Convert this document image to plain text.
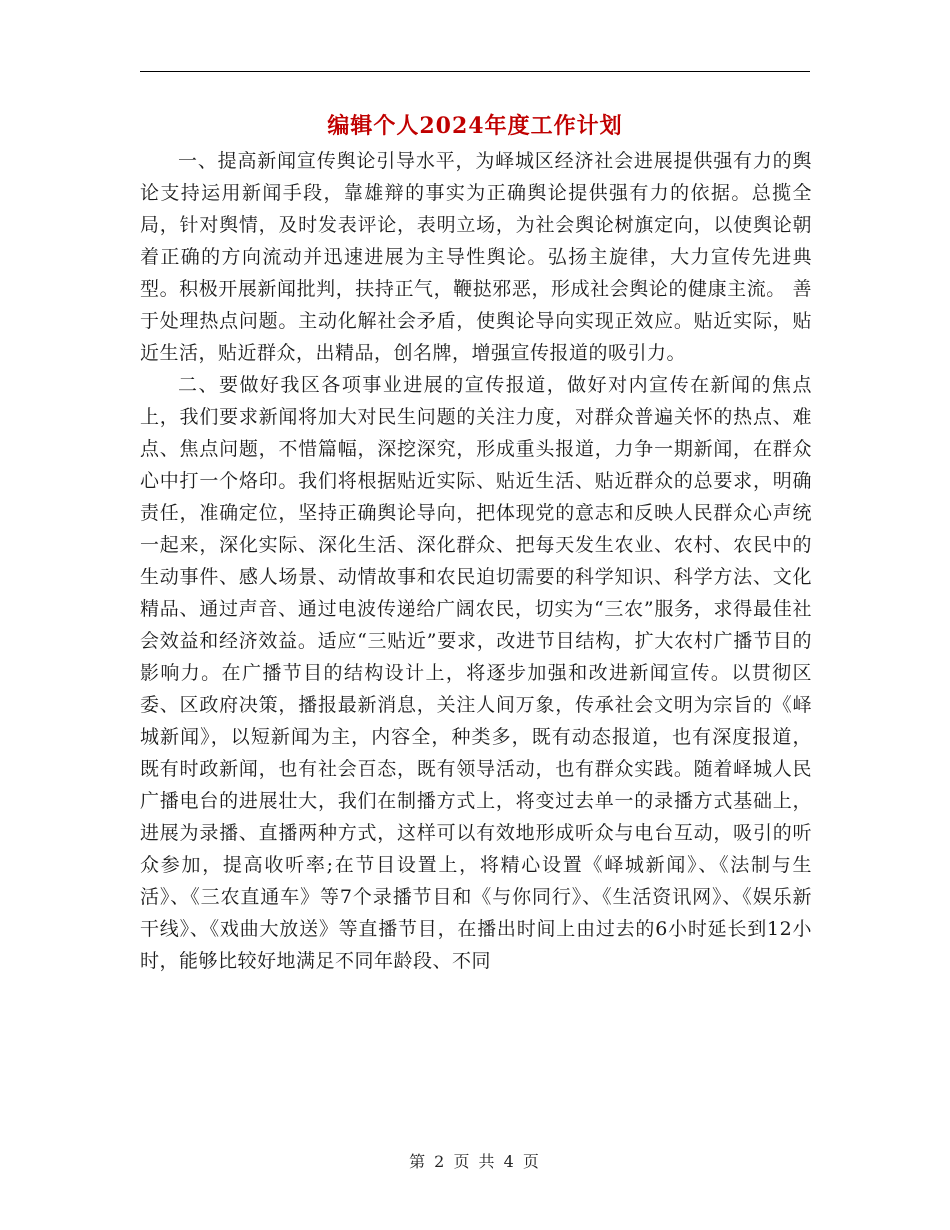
编辑个人2024年度工作计划

一、提高新闻宣传舆论引导水平，为峄城区经济社会进展提供强有力的舆论支持运用新闻手段，靠雄辩的事实为正确舆论提供强有力的依据。总揽全局，针对舆情，及时发表评论，表明立场，为社会舆论树旗定向，以使舆论朝着正确的方向流动并迅速进展为主导性舆论。弘扬主旋律，大力宣传先进典型。积极开展新闻批判，扶持正气，鞭挞邪恶，形成社会舆论的健康主流。 善于处理热点问题。主动化解社会矛盾，使舆论导向实现正效应。贴近实际，贴近生活，贴近群众，出精品，创名牌，增强宣传报道的吸引力。

二、要做好我区各项事业进展的宣传报道，做好对内宣传在新闻的焦点上，我们要求新闻将加大对民生问题的关注力度，对群众普遍关怀的热点、难点、焦点问题，不惜篇幅，深挖深究，形成重头报道，力争一期新闻，在群众心中打一个烙印。我们将根据贴近实际、贴近生活、贴近群众的总要求，明确责任，准确定位，坚持正确舆论导向，把体现党的意志和反映人民群众心声统一起来，深化实际、深化生活、深化群众、把每天发生农业、农村、农民中的生动事件、感人场景、动情故事和农民迫切需要的科学知识、科学方法、文化精品、通过声音、通过电波传递给广阔农民，切实为“三农”服务，求得最佳社会效益和经济效益。适应“三贴近”要求，改进节目结构，扩大农村广播节目的影响力。在广播节目的结构设计上，将逐步加强和改进新闻宣传。以贯彻区委、区政府决策，播报最新消息，关注人间万象，传承社会文明为宗旨的《峄城新闻》，以短新闻为主，内容全，种类多，既有动态报道，也有深度报道，既有时政新闻，也有社会百态，既有领导活动，也有群众实践。随着峄城人民广播电台的进展壮大，我们在制播方式上，将变过去单一的录播方式基础上，进展为录播、直播两种方式，这样可以有效地形成听众与电台互动，吸引的听众参加，提高收听率;在节目设置上，将精心设置《峄城新闻》、《法制与生活》、《三农直通车》等7个录播节目和《与你同行》、《生活资讯网》、《娱乐新干线》、《戏曲大放送》等直播节目，在播出时间上由过去的6小时延长到12小时，能够比较好地满足不同年龄段、不同

第 2 页 共 4 页
